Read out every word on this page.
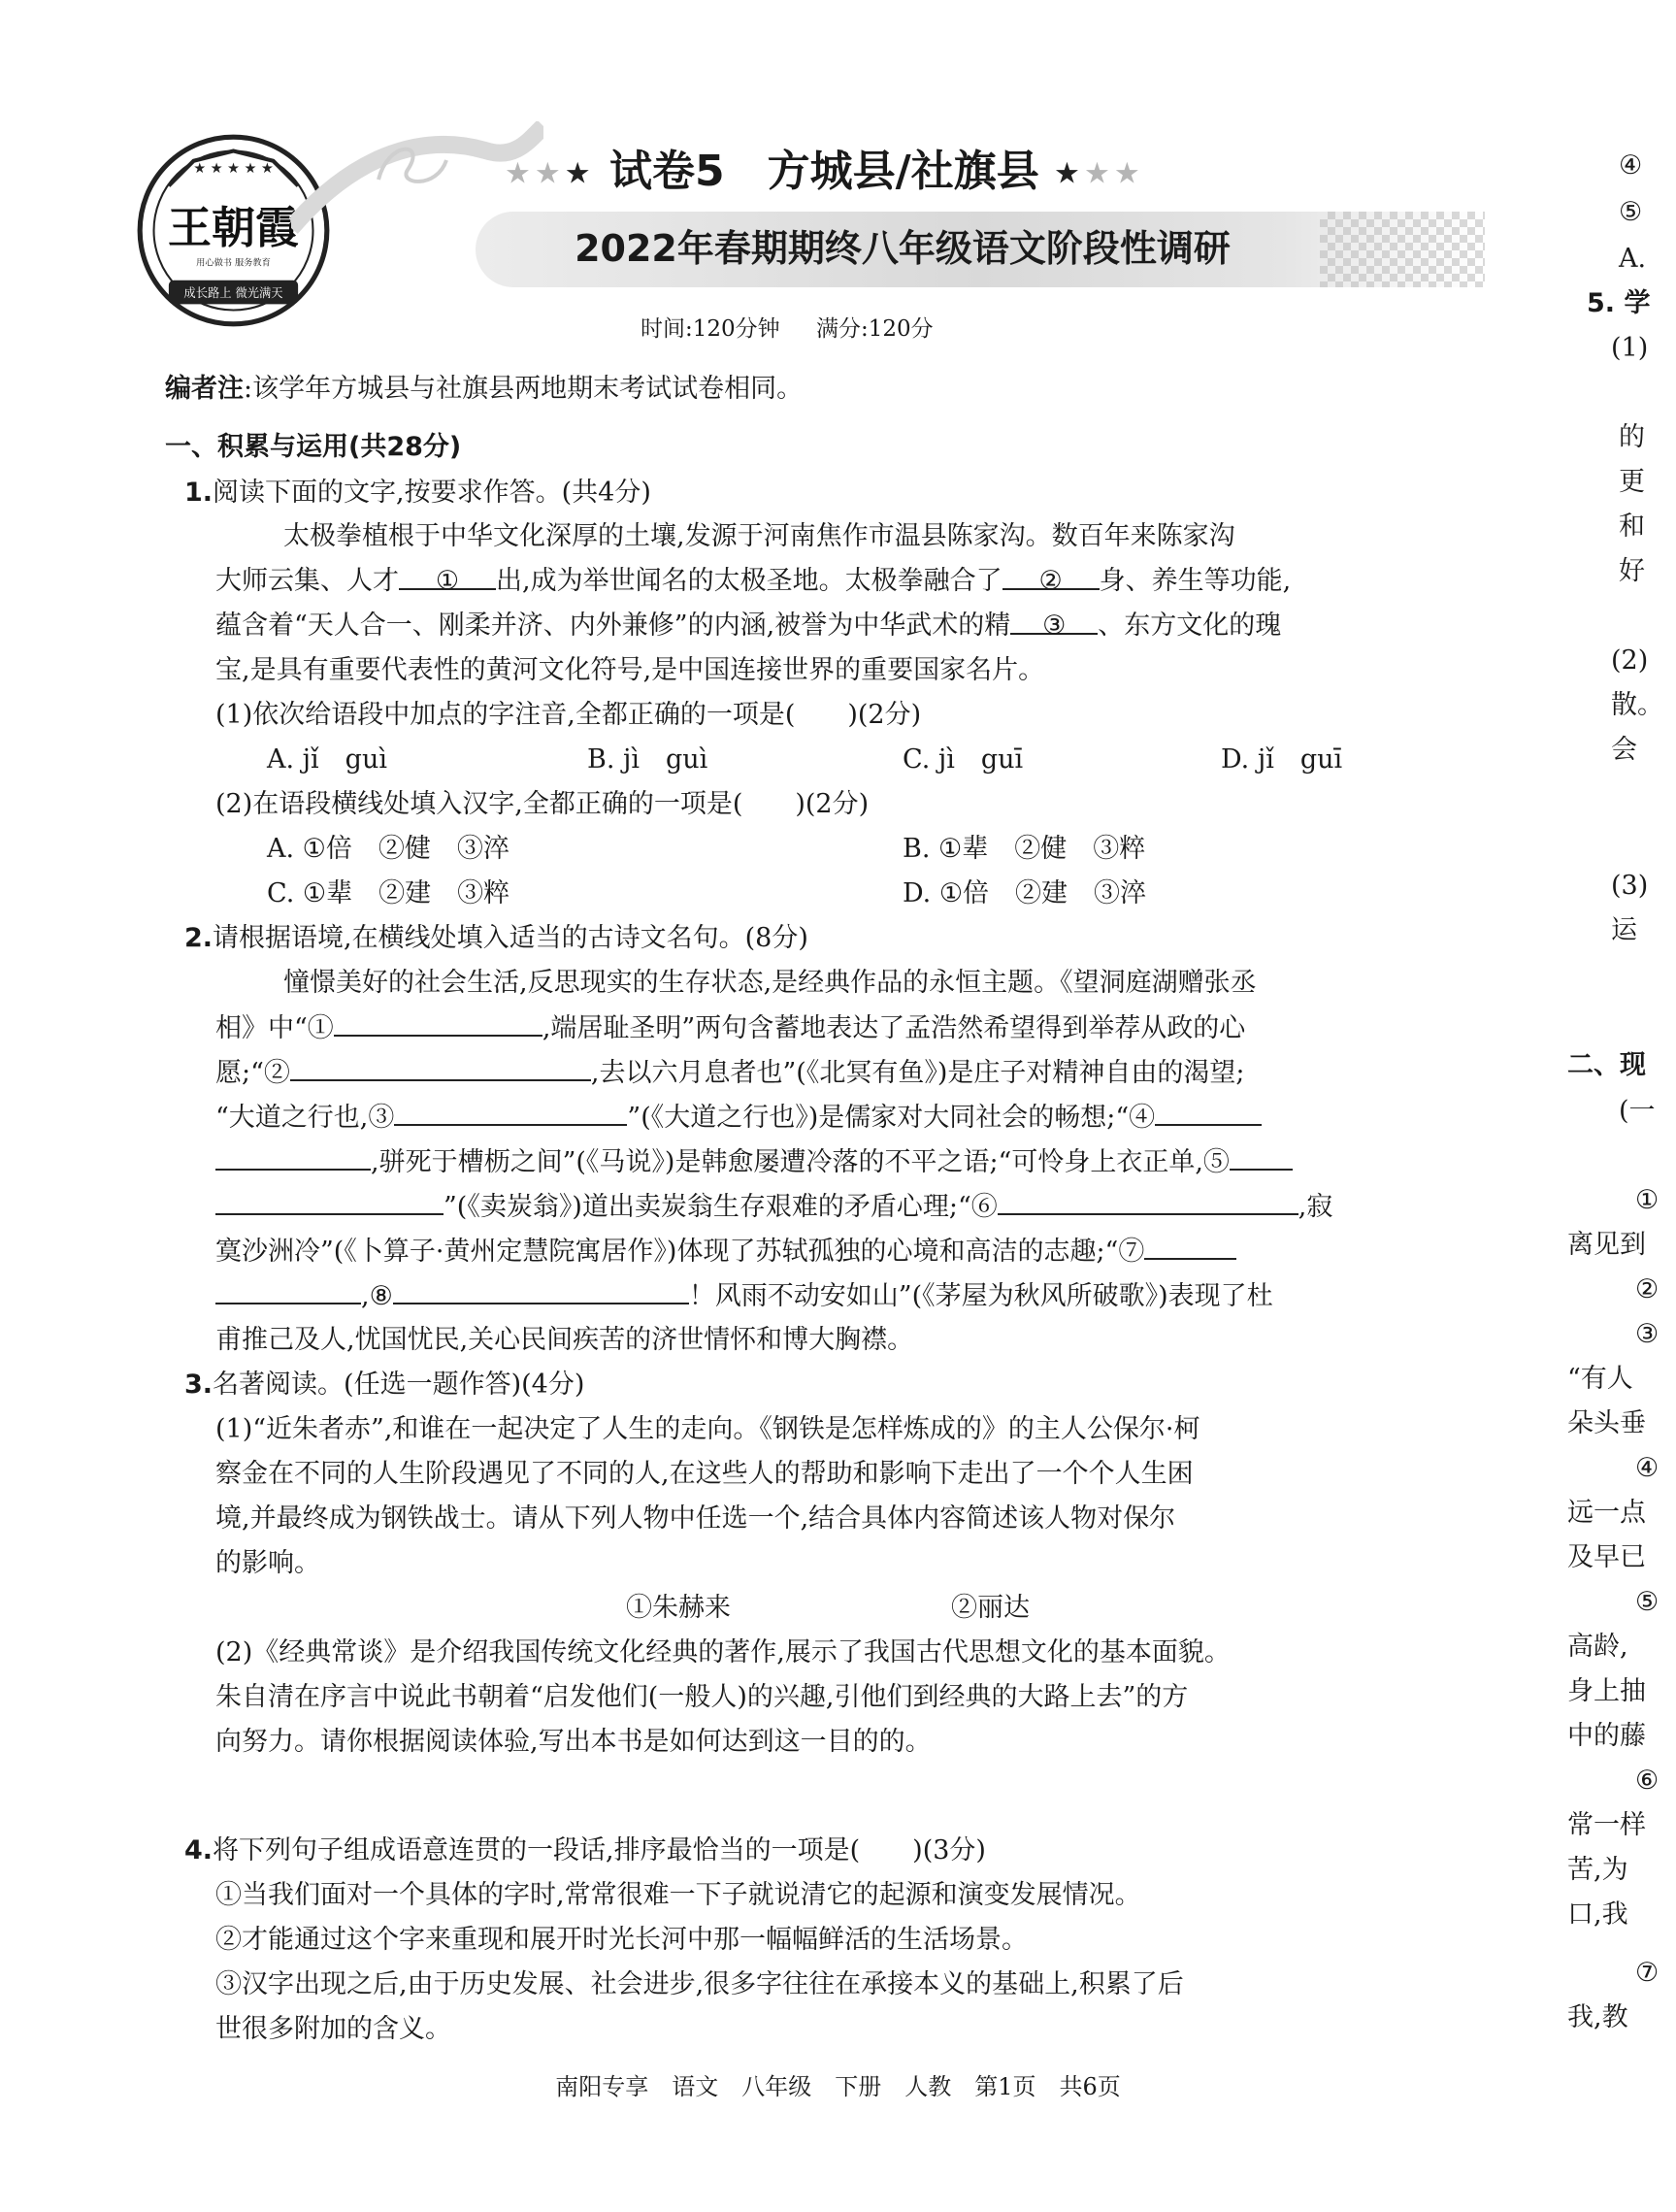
★ ★ ★ ★ ★
王朝霞
用心做书 服务教育
成长路上 微光满天
★★★ 试卷5　方城县/社旗县 ★★★
2022年春期期终八年级语文阶段性调研
时间:120分钟 满分:120分
编者注:该学年方城县与社旗县两地期末考试试卷相同。
一、积累与运用(共28分)
1.阅读下面的文字,按要求作答。(共4分)
太极拳植根于中华文化深厚的土壤,发源于河南焦作市温县陈家沟。数百年来陈家沟
大师云集、人才 ① 出,成为举世闻名的太极圣地。太极拳融合了 ② 身、养生等功能,
蕴含着“天人合一、刚柔并济、内外兼修”的内涵,被誉为中华武术的精 ③ 、东方文化的瑰
宝,是具有重要代表性的黄河文化符号,是中国连接世界的重要国家名片。
(1)依次给语段中加点的字注音,全都正确的一项是(　　)(2分)
A. jǐ　guì	B. jì　guì	C. jì　guī	D. jǐ　guī
(2)在语段横线处填入汉字,全都正确的一项是(　　)(2分)
A. ①倍　②健　③淬	B. ①辈　②健　③粹
C. ①辈　②建　③粹	D. ①倍　②建　③淬
2.请根据语境,在横线处填入适当的古诗文名句。(8分)
憧憬美好的社会生活,反思现实的生存状态,是经典作品的永恒主题。《望洞庭湖赠张丞
相》中“①	,端居耻圣明”两句含蓄地表达了孟浩然希望得到举荐从政的心
愿;“②	,去以六月息者也”(《北冥有鱼》)是庄子对精神自由的渴望;
“大道之行也,③	”(《大道之行也》)是儒家对大同社会的畅想;“④
,骈死于槽枥之间”(《马说》)是韩愈屡遭冷落的不平之语;“可怜身上衣正单,⑤
”(《卖炭翁》)道出卖炭翁生存艰难的矛盾心理;“⑥	,寂
寞沙洲冷”(《卜算子·黄州定慧院寓居作》)体现了苏轼孤独的心境和高洁的志趣;“⑦
,⑧	！风雨不动安如山”(《茅屋为秋风所破歌》)表现了杜
甫推己及人,忧国忧民,关心民间疾苦的济世情怀和博大胸襟。
3.名著阅读。(任选一题作答)(4分)
(1)“近朱者赤”,和谁在一起决定了人生的走向。《钢铁是怎样炼成的》的主人公保尔·柯
察金在不同的人生阶段遇见了不同的人,在这些人的帮助和影响下走出了一个个人生困
境,并最终成为钢铁战士。请从下列人物中任选一个,结合具体内容简述该人物对保尔
的影响。
①朱赫来	②丽达
(2)《经典常谈》是介绍我国传统文化经典的著作,展示了我国古代思想文化的基本面貌。
朱自清在序言中说此书朝着“启发他们(一般人)的兴趣,引他们到经典的大路上去”的方
向努力。请你根据阅读体验,写出本书是如何达到这一目的的。
4.将下列句子组成语意连贯的一段话,排序最恰当的一项是(　　)(3分)
①当我们面对一个具体的字时,常常很难一下子就说清它的起源和演变发展情况。
②才能通过这个字来重现和展开时光长河中那一幅幅鲜活的生活场景。
③汉字出现之后,由于历史发展、社会进步,很多字往往在承接本义的基础上,积累了后
世很多附加的含义。
④
⑤
A.
5. 学
(1)
的
更
和
好
(2)
散。
会
(3)
运
二、现
(一
①
离见到
②
③
“有人
朵头垂
④
远一点
及早已
⑤
高龄,
身上抽
中的藤
⑥
常一样
苦,为
口,我
⑦
我,教
南阳专享　语文　八年级　下册　人教　第1页　共6页
